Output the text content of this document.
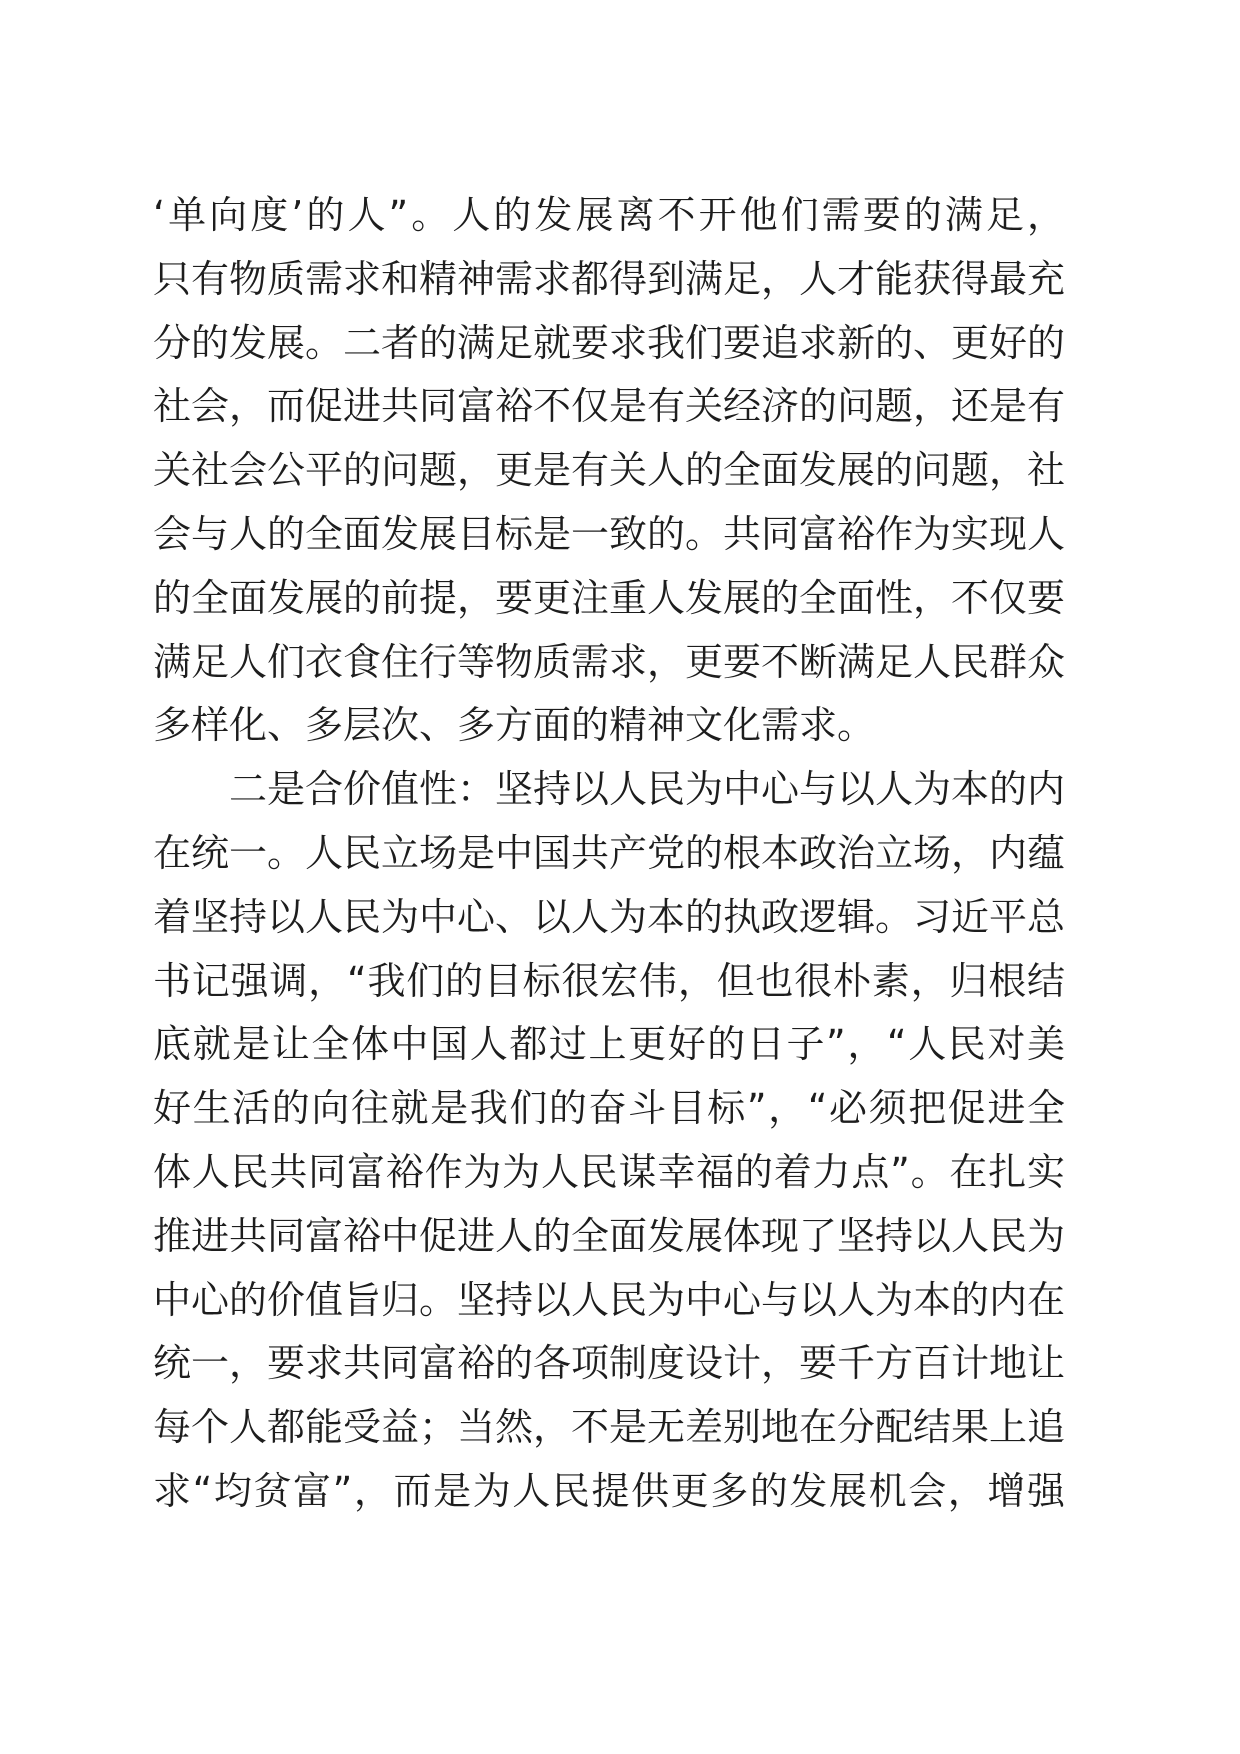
‘单向度’的人”。人的发展离不开他们需要的满足，
只有物质需求和精神需求都得到满足，人才能获得最充
分的发展。二者的满足就要求我们要追求新的、更好的
社会，而促进共同富裕不仅是有关经济的问题，还是有
关社会公平的问题，更是有关人的全面发展的问题，社
会与人的全面发展目标是一致的。共同富裕作为实现人
的全面发展的前提，要更注重人发展的全面性，不仅要
满足人们衣食住行等物质需求，更要不断满足人民群众
多样化、多层次、多方面的精神文化需求。
二是合价值性：坚持以人民为中心与以人为本的内
在统一。人民立场是中国共产党的根本政治立场，内蕴
着坚持以人民为中心、以人为本的执政逻辑。习近平总
书记强调，“我们的目标很宏伟，但也很朴素，归根结
底就是让全体中国人都过上更好的日子”，“人民对美
好生活的向往就是我们的奋斗目标”，“必须把促进全
体人民共同富裕作为为人民谋幸福的着力点”。在扎实
推进共同富裕中促进人的全面发展体现了坚持以人民为
中心的价值旨归。坚持以人民为中心与以人为本的内在
统一，要求共同富裕的各项制度设计，要千方百计地让
每个人都能受益；当然，不是无差别地在分配结果上追
求“均贫富”，而是为人民提供更多的发展机会，增强
